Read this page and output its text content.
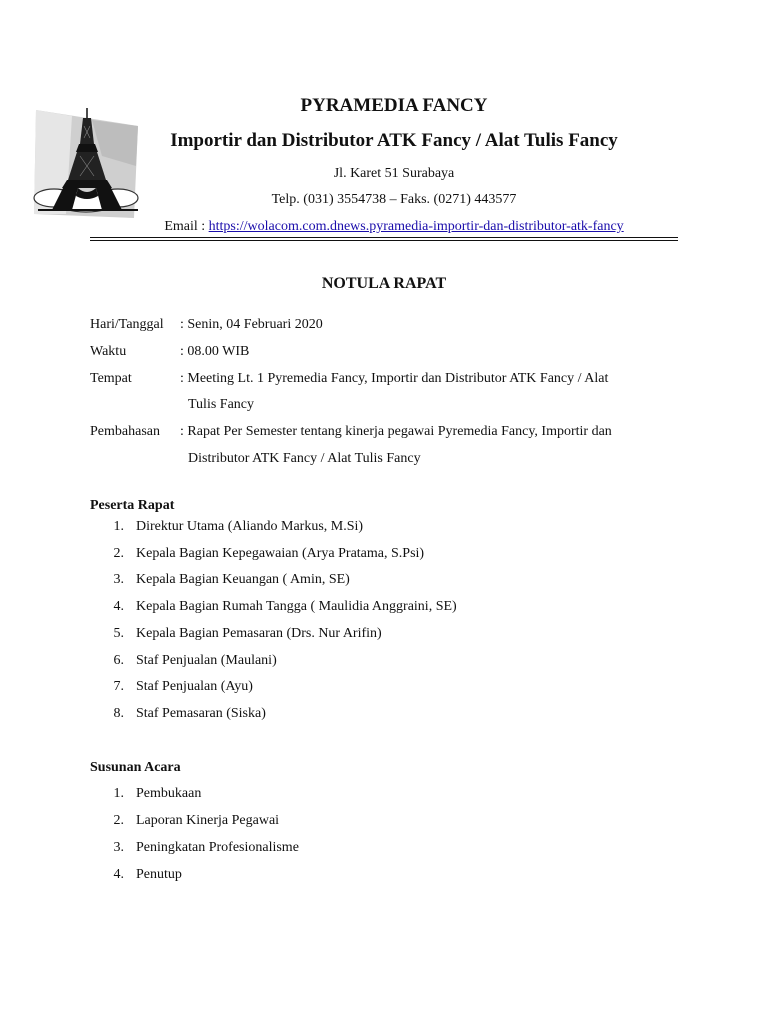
PYRAMEDIA FANCY
Importir dan Distributor ATK Fancy / Alat Tulis Fancy
Jl. Karet 51 Surabaya
Telp. (031) 3554738 – Faks. (0271) 443577
Email : https://wolacom.com.dnews.pyramedia-importir-dan-distributor-atk-fancy
NOTULA RAPAT
Hari/Tanggal : Senin, 04 Februari 2020
Waktu	: 08.00 WIB
Tempat	: Meeting Lt. 1 Pyremedia Fancy, Importir dan Distributor ATK Fancy / Alat
Tulis Fancy
Pembahasan : Rapat Per Semester tentang kinerja pegawai Pyremedia Fancy, Importir dan
Distributor ATK Fancy / Alat Tulis Fancy
Peserta Rapat
1. Direktur Utama (Aliando Markus, M.Si)
2. Kepala Bagian Kepegawaian (Arya Pratama, S.Psi)
3. Kepala Bagian Keuangan ( Amin, SE)
4. Kepala Bagian Rumah Tangga ( Maulidia Anggraini, SE)
5. Kepala Bagian Pemasaran (Drs. Nur Arifin)
6. Staf Penjualan (Maulani)
7. Staf Penjualan (Ayu)
8. Staf Pemasaran (Siska)
Susunan Acara
1. Pembukaan
2. Laporan Kinerja Pegawai
3. Peningkatan Profesionalisme
4. Penutup
